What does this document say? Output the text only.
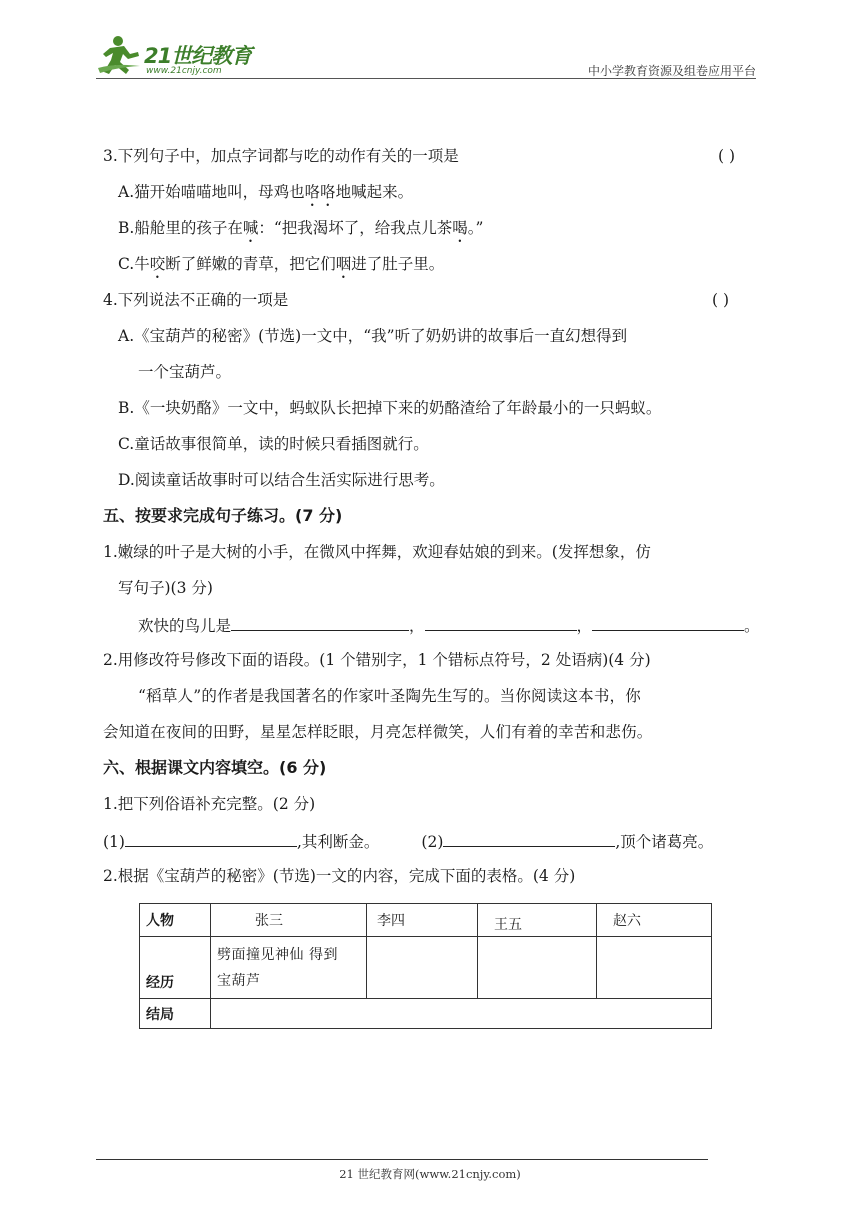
21世纪教育
www.21cnjy.com	中小学教育资源及组卷应用平台
3.下列句子中，加点字词都与吃的动作有关的一项是	( )
A.猫开始喵喵地叫，母鸡也咯咯地喊起来。
B.船舱里的孩子在喊：“把我渴坏了，给我点儿茶喝。”
C.牛咬断了鲜嫩的青草，把它们咽进了肚子里。
4.下列说法不正确的一项是	( )
A.《宝葫芦的秘密》(节选)一文中，“我”听了奶奶讲的故事后一直幻想得到
一个宝葫芦。
B.《一块奶酪》一文中，蚂蚁队长把掉下来的奶酪渣给了年龄最小的一只蚂蚁。
C.童话故事很简单，读的时候只看插图就行。
D.阅读童话故事时可以结合生活实际进行思考。
五、按要求完成句子练习。(7 分)
1.嫩绿的叶子是大树的小手，在微风中挥舞，欢迎春姑娘的到来。(发挥想象，仿
写句子)(3 分)
欢快的鸟儿是	，	，	。
2.用修改符号修改下面的语段。(1 个错别字，1 个错标点符号，2 处语病)(4 分)
“稻草人”的作者是我国著名的作家叶圣陶先生写的。当你阅读这本书，你
会知道在夜间的田野，星星怎样眨眼，月亮怎样微笑，人们有着的幸苦和悲伤。
六、根据课文内容填空。(6 分)
1.把下列俗语补充完整。(2 分)
(1)	,其利断金。	(2)	,顶个诸葛亮。
2.根据《宝葫芦的秘密》(节选)一文的内容，完成下面的表格。(4 分)
人物	张三	李四	王五	赵六
经历	劈面撞见神仙 得到
宝葫芦			
结局				
21 世纪教育网(www.21cnjy.com)
